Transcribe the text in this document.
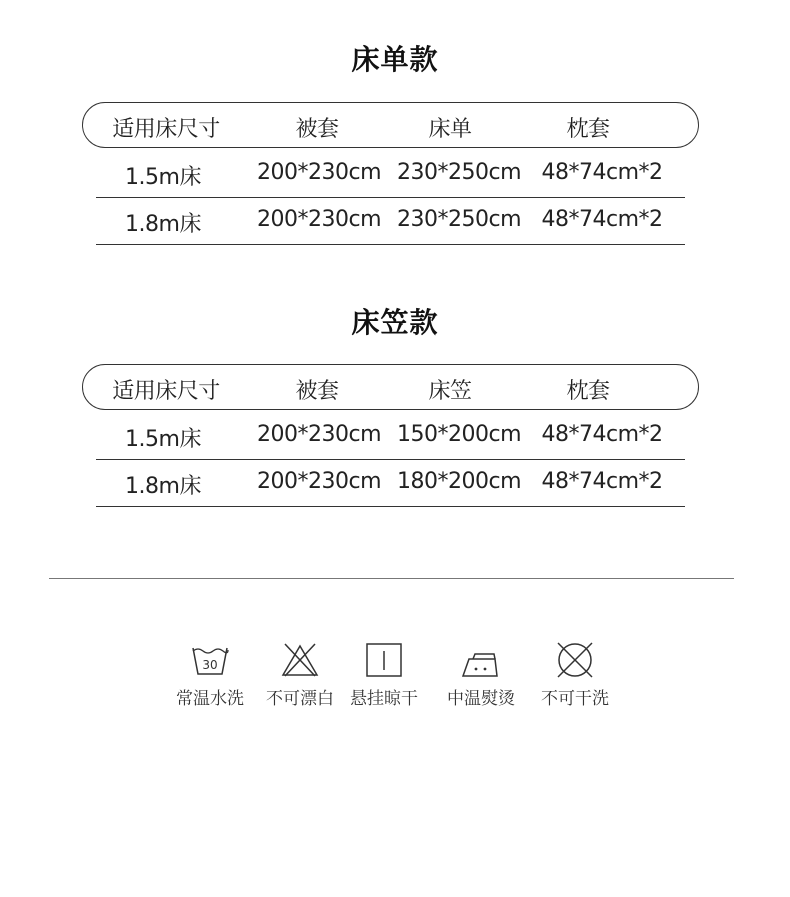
床单款
适用床尺寸	被套	床单	枕套
1.5m床	200*230cm 230*250cm 48*74cm*2
1.8m床	200*230cm 230*250cm 48*74cm*2
床笠款
适用床尺寸	被套	床笠	枕套
1.5m床	200*230cm 150*200cm 48*74cm*2
1.8m床	200*230cm 180*200cm 48*74cm*2
30
常温水洗	不可漂白 悬挂晾干	中温熨烫	不可干洗
